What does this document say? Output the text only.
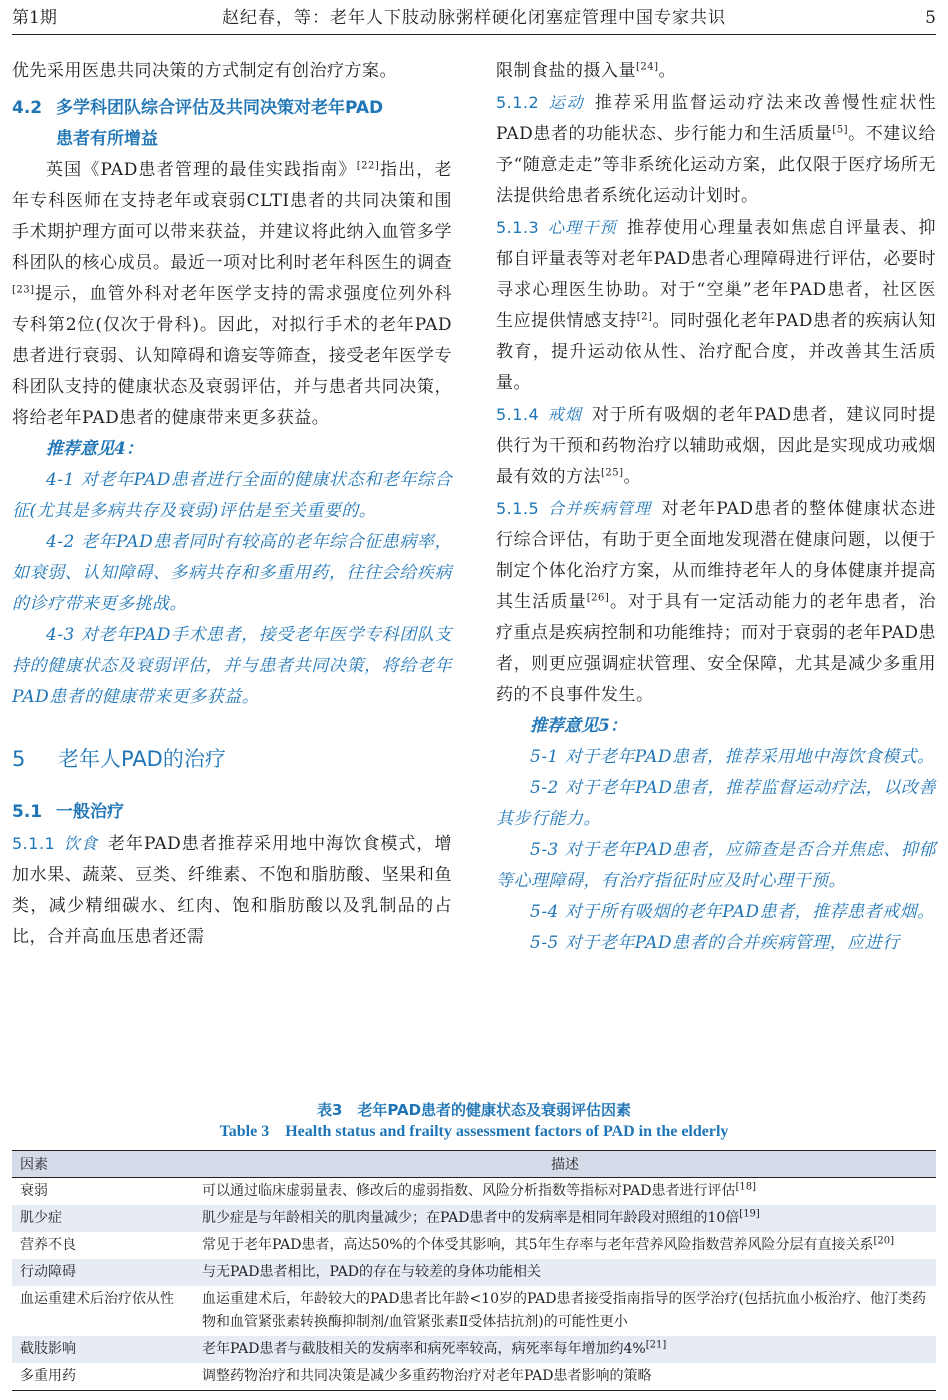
第1期	赵纪春，等：老年人下肢动脉粥样硬化闭塞症管理中国专家共识	5

优先采用医患共同决策的方式制定有创治疗方案。

4.2 多学科团队综合评估及共同决策对老年PAD
患者有所增益

英国《PAD患者管理的最佳实践指南》[22]指出，老年专科医师在支持老年或衰弱CLTI患者的共同决策和围手术期护理方面可以带来获益，并建议将此纳入血管多学科团队的核心成员。最近一项对比利时老年科医生的调查[23]提示，血管外科对老年医学支持的需求强度位列外科专科第2位(仅次于骨科)。因此，对拟行手术的老年PAD患者进行衰弱、认知障碍和谵妄等筛查，接受老年医学专科团队支持的健康状态及衰弱评估，并与患者共同决策，将给老年PAD患者的健康带来更多获益。

推荐意见4：

4-1 对老年PAD患者进行全面的健康状态和老年综合征(尤其是多病共存及衰弱)评估是至关重要的。

4-2 老年PAD患者同时有较高的老年综合征患病率，如衰弱、认知障碍、多病共存和多重用药，往往会给疾病的诊疗带来更多挑战。

4-3 对老年PAD手术患者，接受老年医学专科团队支持的健康状态及衰弱评估，并与患者共同决策，将给老年PAD患者的健康带来更多获益。

5 老年人PAD的治疗

5.1 一般治疗

5.1.1 饮食 老年PAD患者推荐采用地中海饮食模式，增加水果、蔬菜、豆类、纤维素、不饱和脂肪酸、坚果和鱼类，减少精细碳水、红肉、饱和脂肪酸以及乳制品的占比，合并高血压患者还需

限制食盐的摄入量[24]。

5.1.2 运动 推荐采用监督运动疗法来改善慢性症状性PAD患者的功能状态、步行能力和生活质量[5]。不建议给予“随意走走”等非系统化运动方案，此仅限于医疗场所无法提供给患者系统化运动计划时。

5.1.3 心理干预 推荐使用心理量表如焦虑自评量表、抑郁自评量表等对老年PAD患者心理障碍进行评估，必要时寻求心理医生协助。对于“空巢”老年PAD患者，社区医生应提供情感支持[2]。同时强化老年PAD患者的疾病认知教育，提升运动依从性、治疗配合度，并改善其生活质量。

5.1.4 戒烟 对于所有吸烟的老年PAD患者，建议同时提供行为干预和药物治疗以辅助戒烟，因此是实现成功戒烟最有效的方法[25]。

5.1.5 合并疾病管理 对老年PAD患者的整体健康状态进行综合评估，有助于更全面地发现潜在健康问题，以便于制定个体化治疗方案，从而维持老年人的身体健康并提高其生活质量[26]。对于具有一定活动能力的老年患者，治疗重点是疾病控制和功能维持；而对于衰弱的老年PAD患者，则更应强调症状管理、安全保障，尤其是减少多重用药的不良事件发生。

推荐意见5：

5-1 对于老年PAD患者，推荐采用地中海饮食模式。

5-2 对于老年PAD患者，推荐监督运动疗法，以改善其步行能力。

5-3 对于老年PAD患者，应筛查是否合并焦虑、抑郁等心理障碍，有治疗指征时应及时心理干预。

5-4 对于所有吸烟的老年PAD患者，推荐患者戒烟。

5-5 对于老年PAD患者的合并疾病管理，应进行

表3　老年PAD患者的健康状态及衰弱评估因素
Table 3　Health status and frailty assessment factors of PAD in the elderly
因素	描述
衰弱	可以通过临床虚弱量表、修改后的虚弱指数、风险分析指数等指标对PAD患者进行评估[18]
肌少症	肌少症是与年龄相关的肌肉量减少；在PAD患者中的发病率是相同年龄段对照组的10倍[19]
营养不良	常见于老年PAD患者，高达50%的个体受其影响，其5年生存率与老年营养风险指数营养风险分层有直接关系[20]
行动障碍	与无PAD患者相比，PAD的存在与较差的身体功能相关
血运重建术后治疗依从性	血运重建术后，年龄较大的PAD患者比年龄<10岁的PAD患者接受指南指导的医学治疗(包括抗血小板治疗、他汀类药物和血管紧张素转换酶抑制剂/血管紧张素Ⅱ受体拮抗剂)的可能性更小
截肢影响	老年PAD患者与截肢相关的发病率和病死率较高，病死率每年增加约4%[21]
多重用药	调整药物治疗和共同决策是减少多重药物治疗对老年PAD患者影响的策略
